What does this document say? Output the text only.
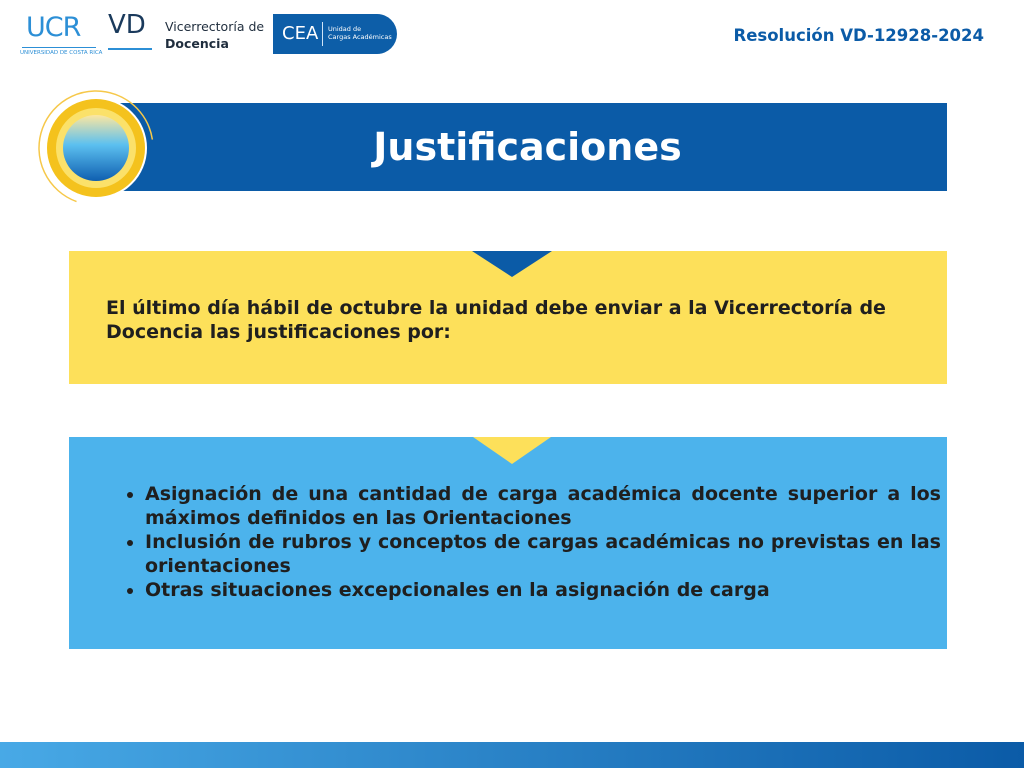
UCR
UNIVERSIDAD DE COSTA RICA
VD Vicerrectoría de
Docencia	CEA Unidad de
Cargas Académicas	Resolución VD-12928-2024
Justificaciones
El último día hábil de octubre la unidad debe enviar a la Vicerrectoría de Docencia las justificaciones por:
• Asignación de una cantidad de carga académica docente superior a los máximos definidos en las Orientaciones
• Inclusión de rubros y conceptos de cargas académicas no previstas en las orientaciones
• Otras situaciones excepcionales en la asignación de carga
